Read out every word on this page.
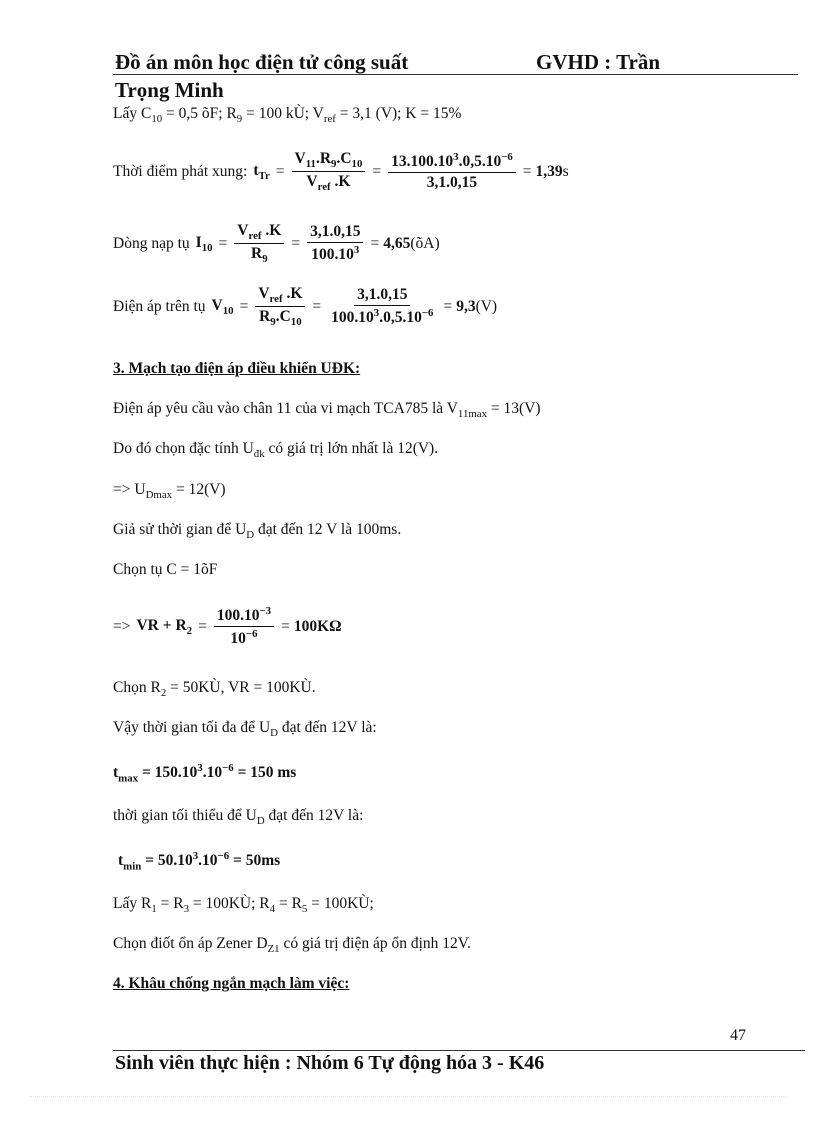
Đồ án môn học điện tử công suất	GVHD : Trần
Trọng Minh
Lấy $C_{10} = 0,5$ õF; $R_9 = 100$ kÙ; $V_{ref} = 3,1$ (V); K = 15%
Thời điểm phát xung: $t_{Tr} = \frac{V_{11}.R_9.C_{10}}{V_{ref} .K} = \frac{13.100.10^3.0,5.10^{-6}}{3,1.0,15} = 1,39$ s
Dòng nạp tụ $I_{10} = \frac{V_{ref} .K}{R_9} = \frac{3,1.0,15}{100.10^3} = 4,65$ (õA)
Điện áp trên tụ $V_{10} = \frac{V_{ref} .K}{R_9.C_{10}} = \frac{3,1.0,15}{100.10^3.0,5.10^{-6}} = 9,3$ (V)
3. Mạch tạo điện áp điều khiển UĐK:
Điện áp yêu cầu vào chân 11 của vi mạch TCA785 là $V_{11max} = 13(V)$
Do đó chọn đặc tính $U_{đk}$ có giá trị lớn nhất là 12(V).
=> $U_{Dmax} = 12(V)$
Giả sử thời gian để $U_D$ đạt đến 12 V là 100ms.
Chọn tụ C = 1õF
=> VR + $R_2 = \frac{100.10^{-3}}{10^{-6}} = 100K\Omega$
Chọn $R_2$ = 50KÙ, VR = 100KÙ.
Vậy thời gian tối đa để $U_D$ đạt đến 12V là:
$t_{max} = 150.10^3.10^{-6} = 150$ ms
thời gian tối thiểu để $U_D$ đạt đến 12V là:
$t_{min} = 50.10^3.10^{-6} = 50ms$
Lấy $R_1 = R_3$ = 100KÙ; $R_4 = R_5$ = 100KÙ;
Chọn điốt ổn áp Zener $D_{Z1}$ có giá trị điện áp ổn định 12V.
4. Khâu chống ngắn mạch làm việc:
47
Sinh viên thực hiện : Nhóm 6 Tự động hóa 3 - K46
